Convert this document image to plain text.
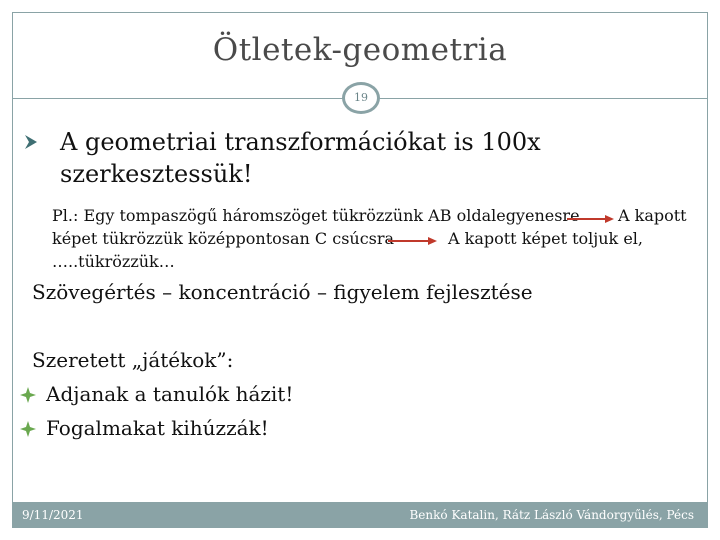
Ötletek-geometria
19
A geometriai transzformációkat is 100x
szerkesztessük!
Pl.: Egy tompaszögű háromszöget tükrözzünk AB oldalegyenesre A kapott
képet tükrözzük középpontosan C csúcsra	A kapott képet toljuk el,
…..tükrözzük…
Szövegértés – koncentráció – figyelem fejlesztése
Szeretett „játékok”:
Adjanak a tanulók házit!
Fogalmakat kihúzzák!
9/11/2021	Benkó Katalin, Rátz László Vándorgyűlés, Pécs
